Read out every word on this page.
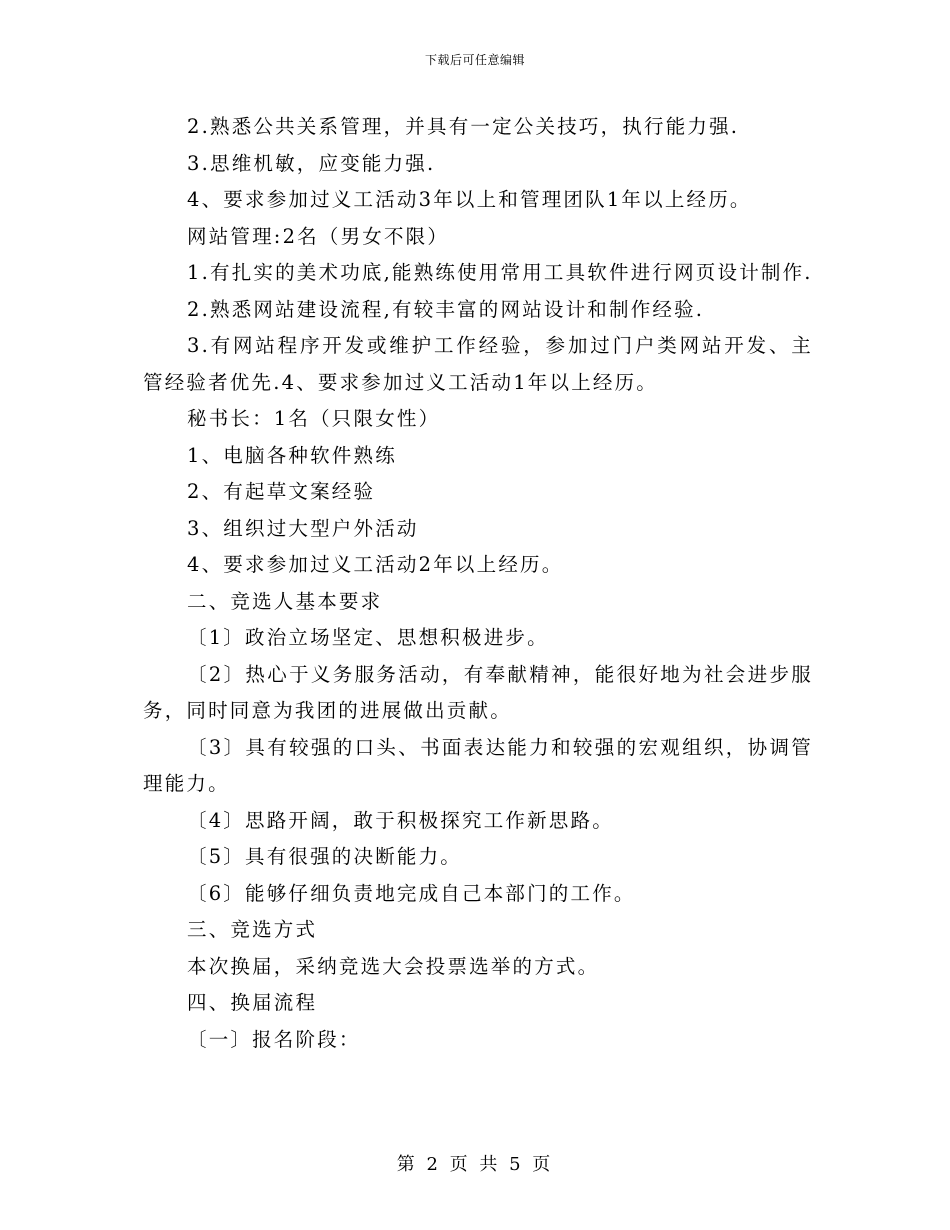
下载后可任意编辑

2.熟悉公共关系管理，并具有一定公关技巧，执行能力强.

3.思维机敏，应变能力强.

4、要求参加过义工活动3年以上和管理团队1年以上经历。

网站管理:2名（男女不限）

1.有扎实的美术功底,能熟练使用常用工具软件进行网页设计制作.

2.熟悉网站建设流程,有较丰富的网站设计和制作经验.

3.有网站程序开发或维护工作经验，参加过门户类网站开发、主管经验者优先.4、要求参加过义工活动1年以上经历。

秘书长：1名（只限女性）

1、电脑各种软件熟练

2、有起草文案经验

3、组织过大型户外活动

4、要求参加过义工活动2年以上经历。

二、竞选人基本要求

〔1〕政治立场坚定、思想积极进步。

〔2〕热心于义务服务活动，有奉献精神，能很好地为社会进步服务，同时同意为我团的进展做出贡献。

〔3〕具有较强的口头、书面表达能力和较强的宏观组织，协调管理能力。

〔4〕思路开阔，敢于积极探究工作新思路。

〔5〕具有很强的决断能力。

〔6〕能够仔细负责地完成自己本部门的工作。

三、竞选方式

本次换届，采纳竞选大会投票选举的方式。

四、换届流程

〔一〕报名阶段：

第 2 页 共 5 页
